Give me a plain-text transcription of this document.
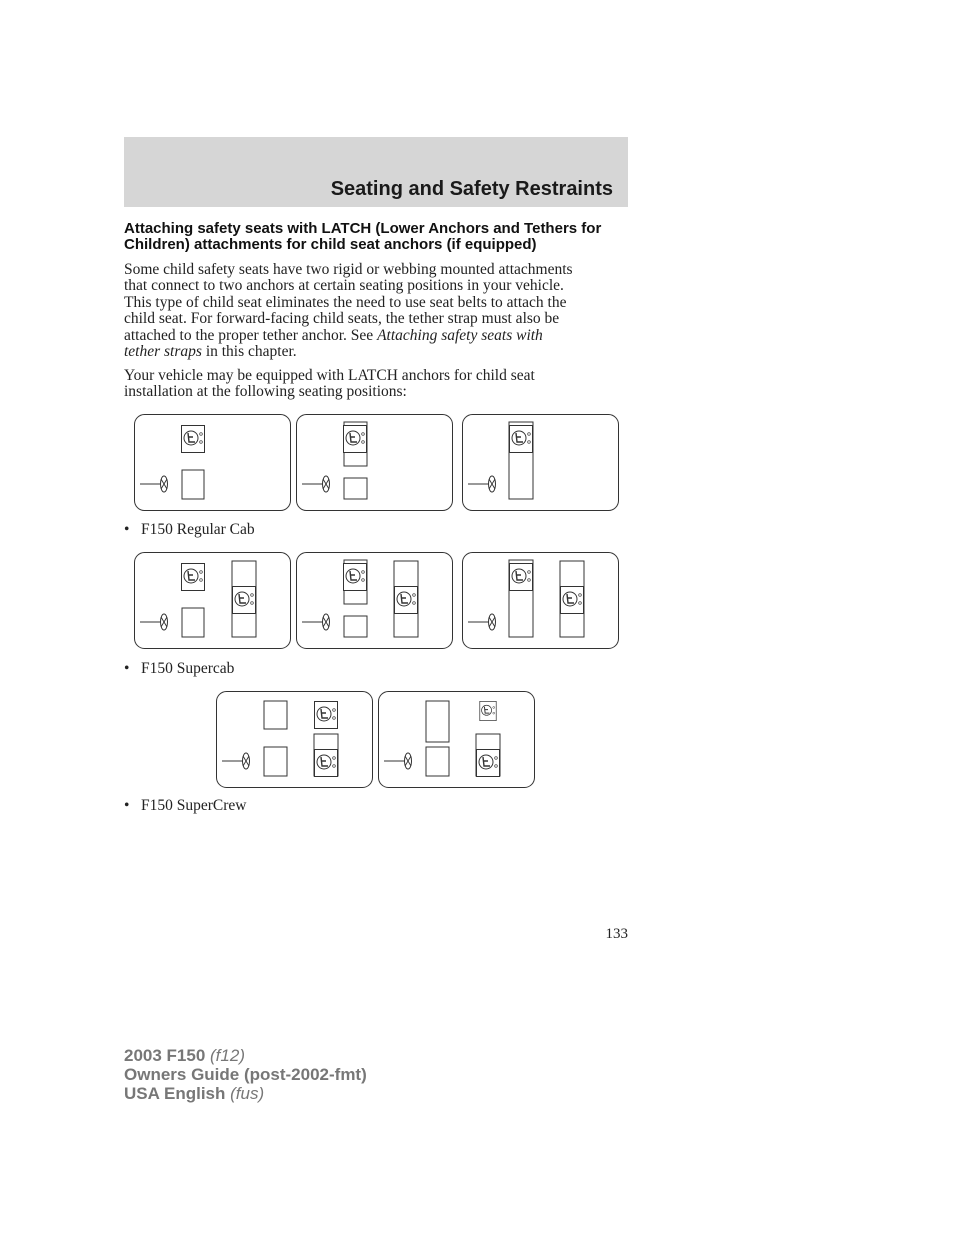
Seating and Safety Restraints
Attaching safety seats with LATCH (Lower Anchors and Tethers for Children) attachments for child seat anchors (if equipped)
Some child safety seats have two rigid or webbing mounted attachments
that connect to two anchors at certain seating positions in your vehicle.
This type of child seat eliminates the need to use seat belts to attach the
child seat. For forward-facing child seats, the tether strap must also be
attached to the proper tether anchor. See Attaching safety seats with
tether straps in this chapter.
Your vehicle may be equipped with LATCH anchors for child seat
installation at the following seating positions:
• F150 Regular Cab
• F150 Supercab
• F150 SuperCrew
133
2003 F150 (f12)
Owners Guide (post-2002-fmt)
USA English (fus)
